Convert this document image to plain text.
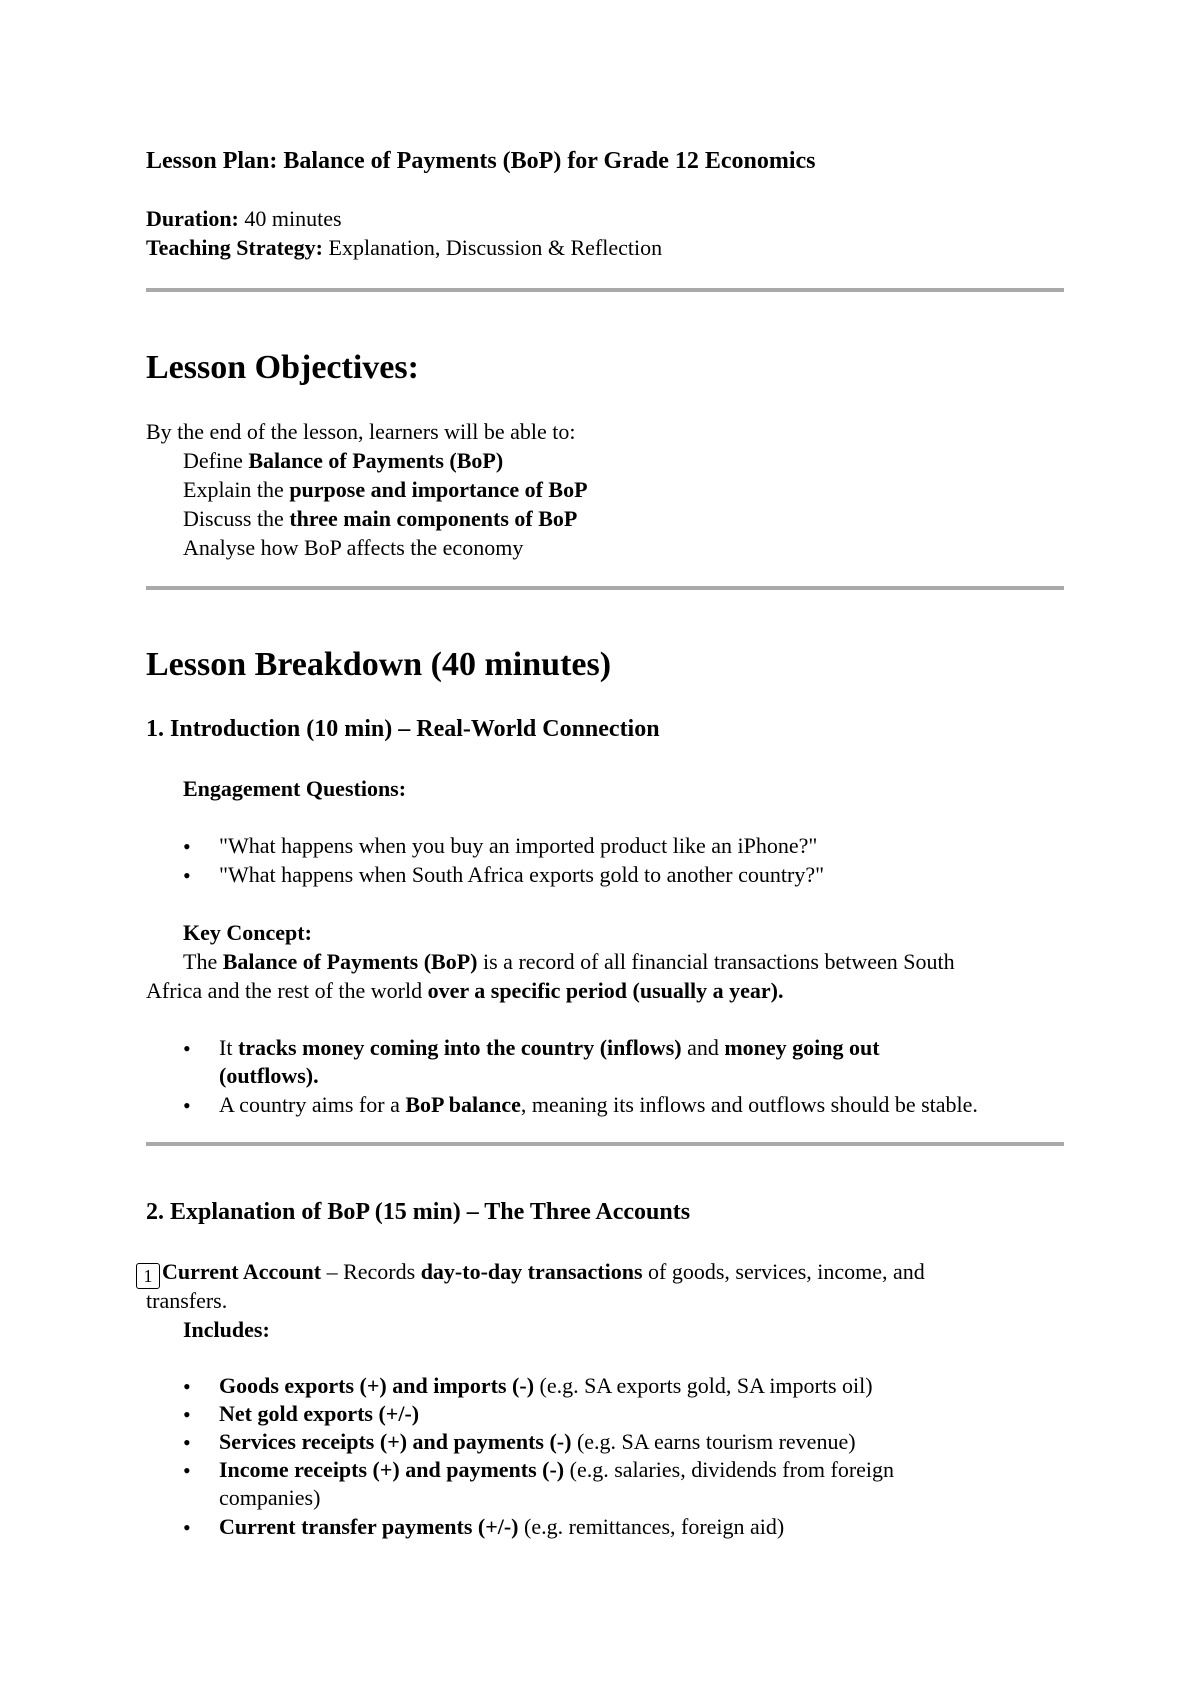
Lesson Plan: Balance of Payments (BoP) for Grade 12 Economics
Duration: 40 minutes
Teaching Strategy: Explanation, Discussion & Reflection
Lesson Objectives:
By the end of the lesson, learners will be able to:
Define Balance of Payments (BoP)
Explain the purpose and importance of BoP
Discuss the three main components of BoP
Analyse how BoP affects the economy
Lesson Breakdown (40 minutes)
1. Introduction (10 min) – Real-World Connection
Engagement Questions:
• "What happens when you buy an imported product like an iPhone?"
• "What happens when South Africa exports gold to another country?"
Key Concept:
The Balance of Payments (BoP) is a record of all financial transactions between South
Africa and the rest of the world over a specific period (usually a year).
• It tracks money coming into the country (inflows) and money going out (outflows).
• A country aims for a BoP balance, meaning its inflows and outflows should be stable.
2. Explanation of BoP (15 min) – The Three Accounts
1 Current Account – Records day-to-day transactions of goods, services, income, and
transfers.
Includes:
• Goods exports (+) and imports (-) (e.g. SA exports gold, SA imports oil)
• Net gold exports (+/-)
• Services receipts (+) and payments (-) (e.g. SA earns tourism revenue)
• Income receipts (+) and payments (-) (e.g. salaries, dividends from foreign companies)
• Current transfer payments (+/-) (e.g. remittances, foreign aid)
